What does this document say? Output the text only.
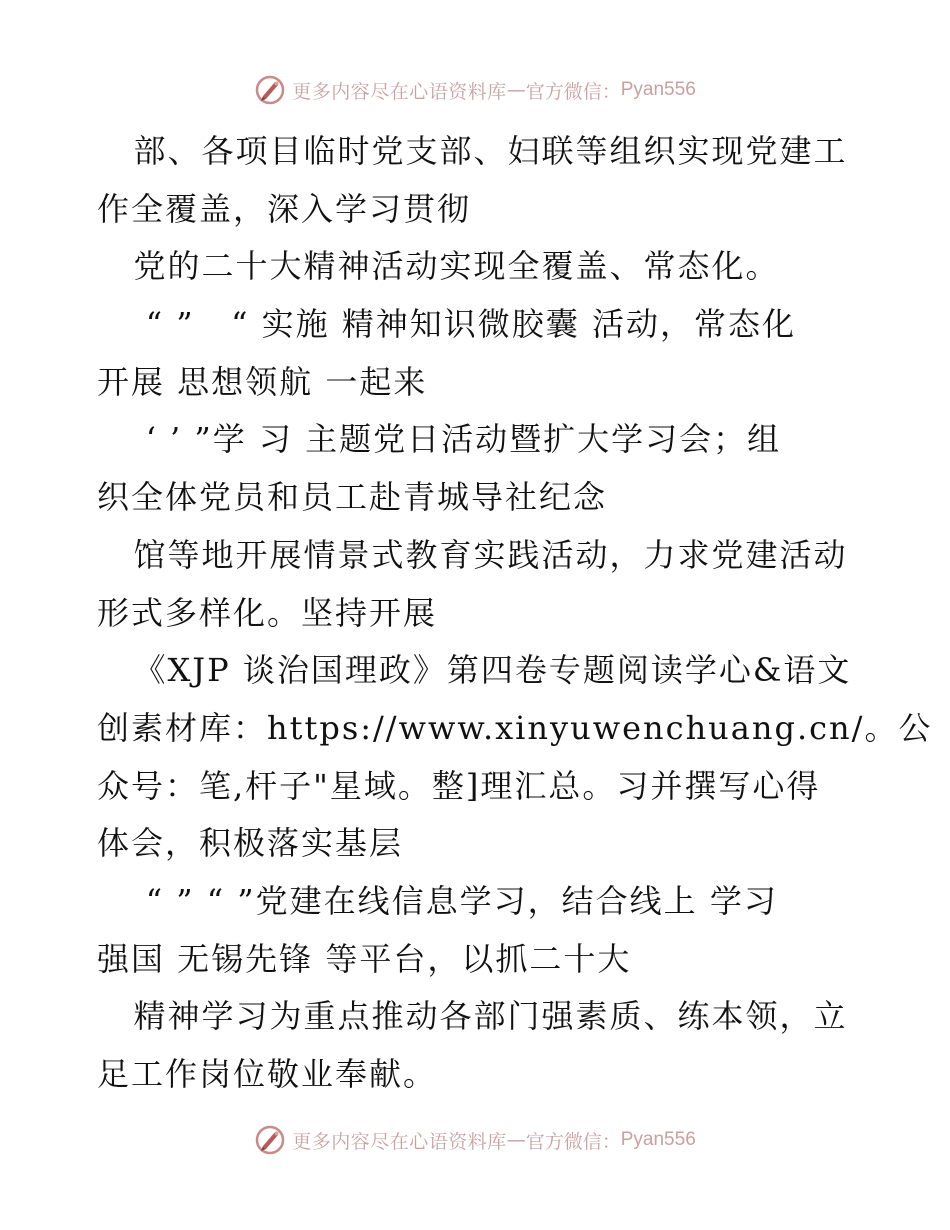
更多内容尽在心语资料库 — 官方微信： Pyan556
部、各项目临时党支部、妇联等组织实现党建工
作全覆盖，深入学习贯彻
党的二十大精神活动实现全覆盖、常态化。
“ ”   “ 实施 精神知识微胶囊 活动，常态化
开展 思想领航 一起来
‘ ’ ”学 习 主题党日活动暨扩大学习会；组
织全体党员和员工赴青城导社纪念
馆等地开展情景式教育实践活动，力求党建活动
形式多样化。坚持开展
《XJP 谈治国理政》第四卷专题阅读学心&语文
创素材库：https://www.xinyuwenchuang.cn/。公
众号：笔,杆子"星域。整]理汇总。习并撰写心得
体会，积极落实基层
“ ” “ ”党建在线信息学习，结合线上 学习
强国 无锡先锋 等平台，以抓二十大
精神学习为重点推动各部门强素质、练本领，立
足工作岗位敬业奉献。
更多内容尽在心语资料库 — 官方微信： Pyan556
